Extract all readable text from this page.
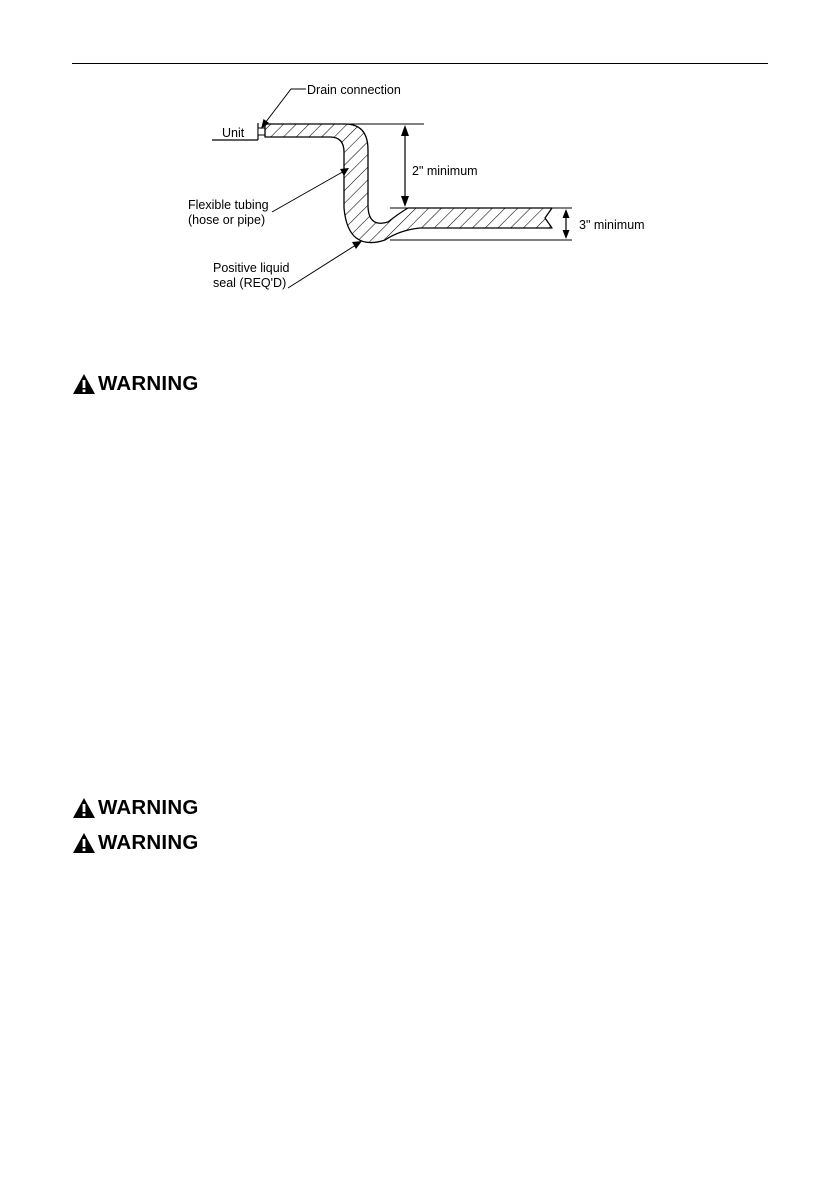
Drain connection
Unit
Flexible tubing
(hose or pipe)
Positive liquid
seal (REQ'D)
2" minimum
3" minimum
WARNING
WARNING
WARNING
